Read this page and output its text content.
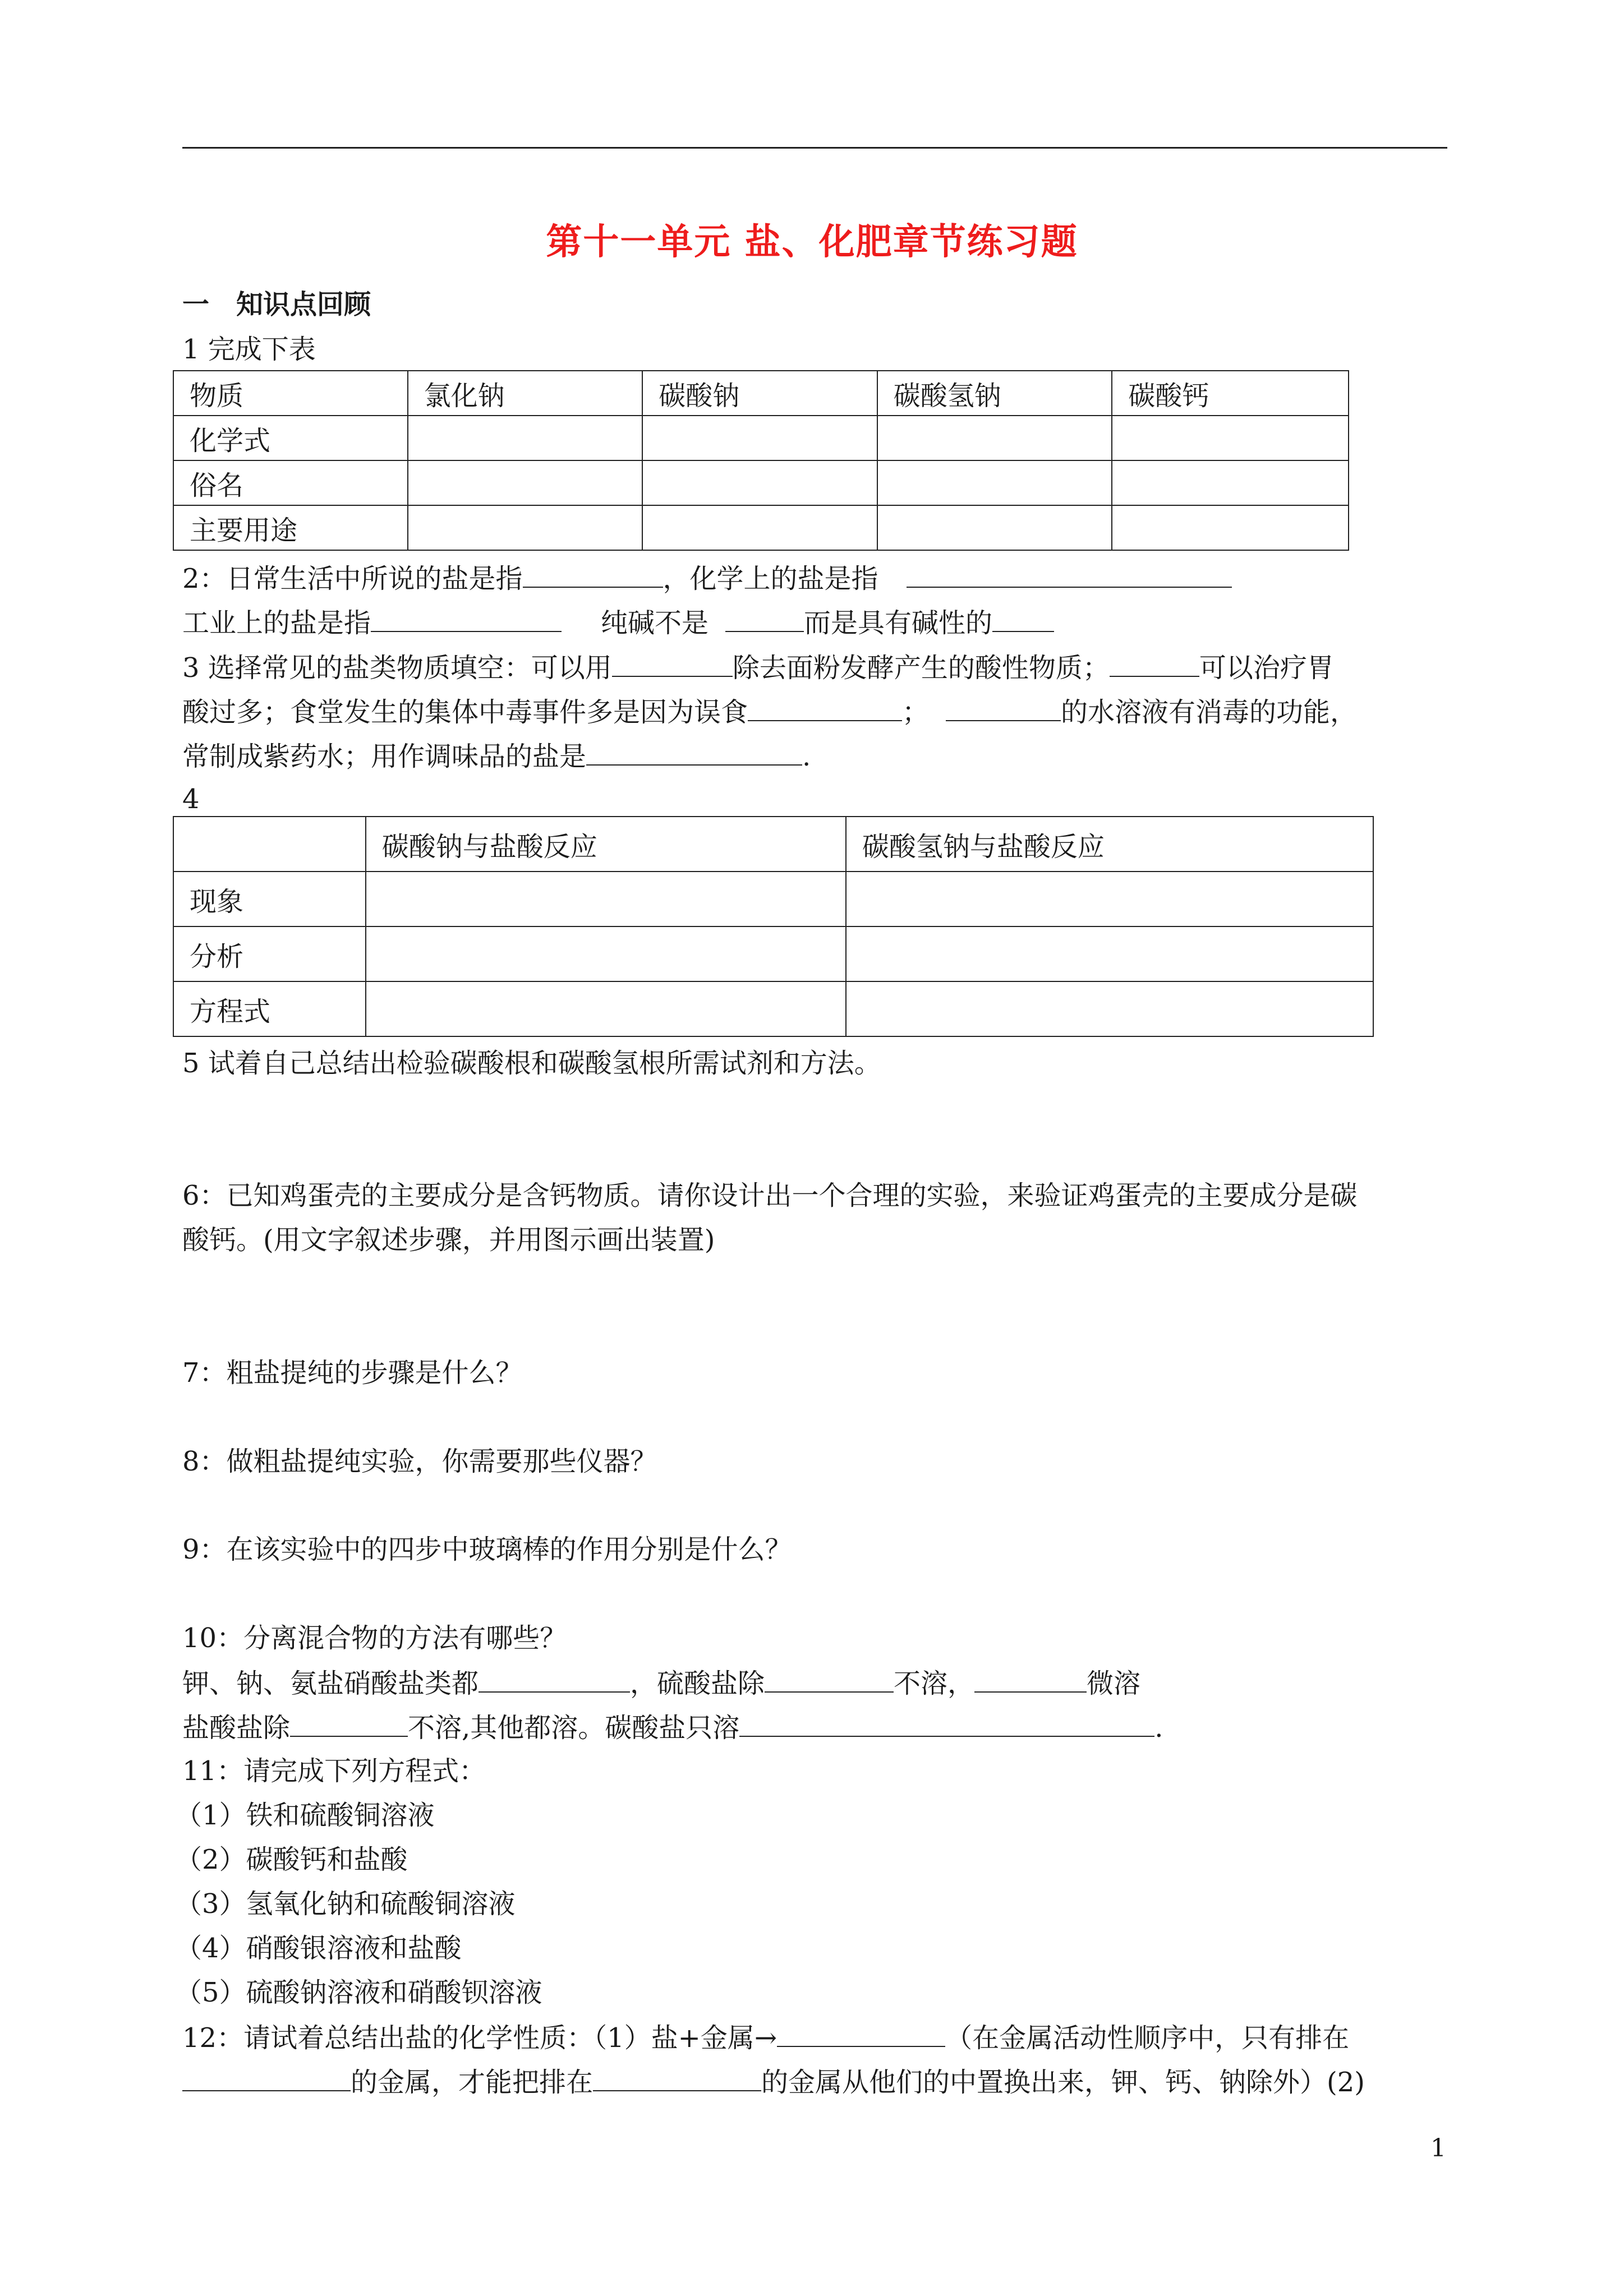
第十一单元 盐、化肥章节练习题
一　知识点回顾
1 完成下表
物质	氯化钠	碳酸钠	碳酸氢钠	碳酸钙
化学式				
俗名				
主要用途				
2：日常生活中所说的盐是指	，化学上的盐是指
工业上的盐是指	纯碱不是	而是具有碱性的
3 选择常见的盐类物质填空：可以用	除去面粉发酵产生的酸性物质；	可以治疗胃
酸过多；食堂发生的集体中毒事件多是因为误食	；	的水溶液有消毒的功能，
常制成紫药水；用作调味品的盐是	.
4
	碳酸钠与盐酸反应	碳酸氢钠与盐酸反应
现象		
分析		
方程式		
5 试着自己总结出检验碳酸根和碳酸氢根所需试剂和方法。
6：已知鸡蛋壳的主要成分是含钙物质。请你设计出一个合理的实验，来验证鸡蛋壳的主要成分是碳
酸钙。(用文字叙述步骤，并用图示画出装置)
7：粗盐提纯的步骤是什么？
8：做粗盐提纯实验，你需要那些仪器？
9：在该实验中的四步中玻璃棒的作用分别是什么？
10：分离混合物的方法有哪些？
钾、钠、氨盐硝酸盐类都	，硫酸盐除	不溶，	微溶
盐酸盐除	不溶,其他都溶。碳酸盐只溶	.
11：请完成下列方程式：
（1）铁和硫酸铜溶液
（2）碳酸钙和盐酸
（3）氢氧化钠和硫酸铜溶液
（4）硝酸银溶液和盐酸
（5）硫酸钠溶液和硝酸钡溶液
12：请试着总结出盐的化学性质：（1）盐+金属→	（在金属活动性顺序中，只有排在
的金属，才能把排在	的金属从他们的中置换出来，钾、钙、钠除外）(2)
1
